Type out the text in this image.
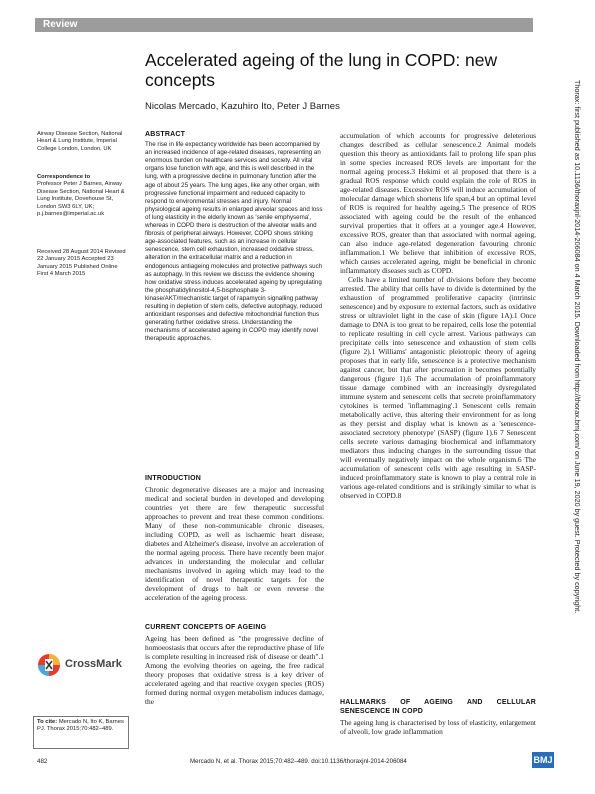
Review
Accelerated ageing of the lung in COPD: new concepts
Nicolas Mercado, Kazuhiro Ito, Peter J Barnes

Airway Disease Section, National Heart & Lung Institute, Imperial College London, London, UK

Correspondence to

Professor Peter J Barnes, Airway Disease Section, National Heart & Lung Institute, Dovehouse St, London SW3 6LY, UK; p.j.barnes@imperial.ac.uk

Received 28 August 2014 Revised 22 January 2015 Accepted 23 January 2015 Published Online First 4 March 2015

CrossMark
To cite: Mercado N, Ito K, Barnes PJ. Thorax 2015;70:482–489.
ABSTRACT
The rise in life expectancy worldwide has been accompanied by an increased incidence of age-related diseases, representing an enormous burden on healthcare services and society. All vital organs lose function with age, and this is well described in the lung, with a progressive decline in pulmonary function after the age of about 25 years. The lung ages, like any other organ, with progressive functional impairment and reduced capacity to respond to environmental stresses and injury. Normal physiological ageing results in enlarged alveolar spaces and loss of lung elasticity in the elderly known as 'senile emphysema', whereas in COPD there is destruction of the alveolar walls and fibrosis of peripheral airways. However, COPD shows striking age-associated features, such as an increase in cellular senescence, stem cell exhaustion, increased oxidative stress, alteration in the extracellular matrix and a reduction in endogenous antiageing molecules and protective pathways such as autophagy. In this review we discuss the evidence showing how oxidative stress induces accelerated ageing by upregulating the phosphatidylinositol-4,5-bisphosphate 3-kinase/AKT/mechanistic target of rapamycin signalling pathway resulting in depletion of stem cells, defective autophagy, reduced antioxidant responses and defective mitochondrial function thus generating further oxidative stress. Understanding the mechanisms of accelerated ageing in COPD may identify novel therapeutic approaches.
INTRODUCTION

Chronic degenerative diseases are a major and increasing medical and societal burden in developed and developing countries yet there are few therapeutic successful approaches to prevent and treat these common conditions. Many of these non-communicable chronic diseases, including COPD, as well as ischaemic heart disease, diabetes and Alzheimer's disease, involve an acceleration of the normal ageing process. There have recently been major advances in understanding the molecular and cellular mechanisms involved in ageing which may lead to the identification of novel therapeutic targets for the development of drugs to halt or even reverse the acceleration of the ageing process.

CURRENT CONCEPTS OF AGEING

Ageing has been defined as "the progressive decline of homoeostasis that occurs after the reproductive phase of life is complete resulting in increased risk of disease or death".1 Among the evolving theories on ageing, the free radical theory proposes that oxidative stress is a key driver of accelerated ageing and that reactive oxygen species (ROS) formed during normal oxygen metabolism induces damage, the

accumulation of which accounts for progressive deleterious changes described as cellular senescence.2 Animal models question this theory as antioxidants fail to prolong life span plus in some species increased ROS levels are important for the normal ageing process.3 Hekimi et al proposed that there is a gradual ROS response which could explain the role of ROS in age-related diseases. Excessive ROS will induce accumulation of molecular damage which shortens life span,4 but an optimal level of ROS is required for healthy ageing.5 The presence of ROS associated with ageing could be the result of the enhanced survival properties that it offers at a younger age.4 However, excessive ROS, greater than that associated with normal ageing, can also induce age-related degeneration favouring chronic inflammation.1 We believe that inhibition of excessive ROS, which causes accelerated ageing, might be beneficial in chronic inflammatory diseases such as COPD.

Cells have a limited number of divisions before they become arrested. The ability that cells have to divide is determined by the exhaustion of programmed proliferative capacity (intrinsic senescence) and by exposure to external factors, such as oxidative stress or ultraviolet light in the case of skin (figure 1A).1 Once damage to DNA is too great to be repaired, cells lose the potential to replicate resulting in cell cycle arrest. Various pathways can precipitate cells into senescence and exhaustion of stem cells (figure 2).1 Williams' antagonistic pleiotropic theory of ageing proposes that in early life, senescence is a protective mechanism against cancer, but that after procreation it becomes potentially dangerous (figure 1).6 The accumulation of proinflammatory tissue damage combined with an increasingly dysregulated immune system and senescent cells that secrete proinflammatory cytokines is termed 'inflammaging'.1 Senescent cells remain metabolically active, thus altering their environment for as long as they persist and display what is known as a 'senescence-associated secretory phenotype' (SASP) (figure 1).6 7 Senescent cells secrete various damaging biochemical and inflammatory mediators thus inducing changes in the surrounding tissue that will eventually negatively impact on the whole organism.6 The accumulation of senescent cells with age resulting in SASP-induced proinflammatory state is known to play a central role in various age-related conditions and is strikingly similar to what is observed in COPD.8

HALLMARKS OF AGEING AND CELLULAR SENESCENCE IN COPD

The ageing lung is characterised by loss of elasticity, enlargement of alveoli, low grade inflammation

482	Mercado N, et al. Thorax 2015;70:482–489. doi:10.1136/thoraxjnl-2014-206084	BMJ
Thorax: first published as 10.1136/thoraxjnl-2014-206084 on 4 March 2015. Downloaded from http://thorax.bmj.com/ on June 19, 2020 by guest. Protected by copyright.
